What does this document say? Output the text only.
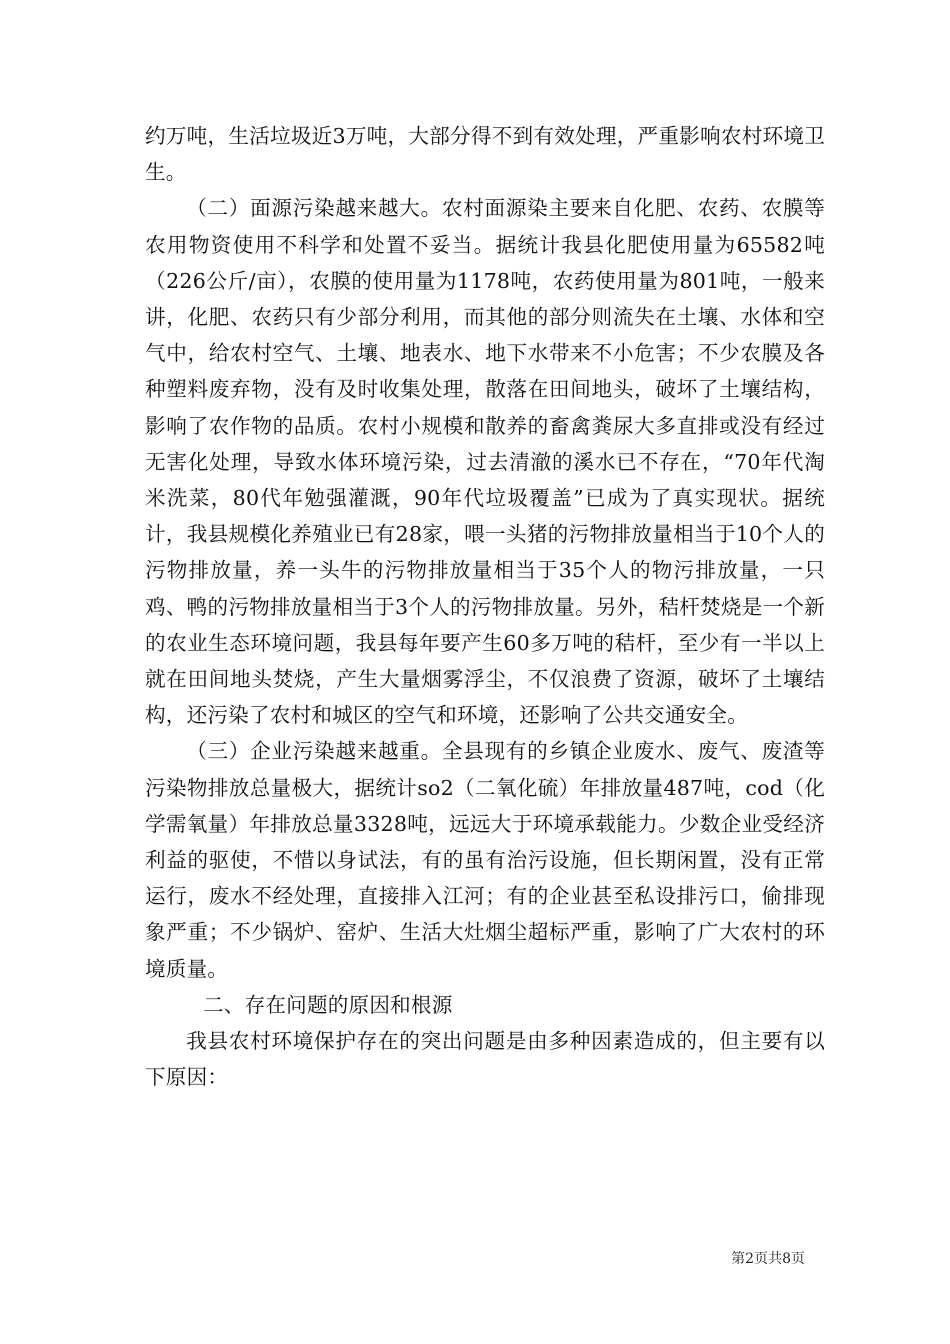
约万吨，生活垃圾近3万吨，大部分得不到有效处理，严重影响农村环境卫生。

（二）面源污染越来越大。农村面源染主要来自化肥、农药、农膜等农用物资使用不科学和处置不妥当。据统计我县化肥使用量为65582吨（226公斤/亩），农膜的使用量为1178吨，农药使用量为801吨，一般来讲，化肥、农药只有少部分利用，而其他的部分则流失在土壤、水体和空气中，给农村空气、土壤、地表水、地下水带来不小危害；不少农膜及各种塑料废弃物，没有及时收集处理，散落在田间地头，破坏了土壤结构，影响了农作物的品质。农村小规模和散养的畜禽粪尿大多直排或没有经过无害化处理，导致水体环境污染，过去清澈的溪水已不存在，“70年代淘米洗菜，80代年勉强灌溉，90年代垃圾覆盖”已成为了真实现状。据统计，我县规模化养殖业已有28家，喂一头猪的污物排放量相当于10个人的污物排放量，养一头牛的污物排放量相当于35个人的物污排放量，一只鸡、鸭的污物排放量相当于3个人的污物排放量。另外，秸杆焚烧是一个新的农业生态环境问题，我县每年要产生60多万吨的秸杆，至少有一半以上就在田间地头焚烧，产生大量烟雾浮尘，不仅浪费了资源，破坏了土壤结构，还污染了农村和城区的空气和环境，还影响了公共交通安全。

（三）企业污染越来越重。全县现有的乡镇企业废水、废气、废渣等污染物排放总量极大，据统计so2（二氧化硫）年排放量487吨，cod（化学需氧量）年排放总量3328吨，远远大于环境承载能力。少数企业受经济利益的驱使，不惜以身试法，有的虽有治污设施，但长期闲置，没有正常运行，废水不经处理，直接排入江河；有的企业甚至私设排污口，偷排现象严重；不少锅炉、窑炉、生活大灶烟尘超标严重，影响了广大农村的环境质量。

二、存在问题的原因和根源

我县农村环境保护存在的突出问题是由多种因素造成的，但主要有以下原因：

第2页共8页
